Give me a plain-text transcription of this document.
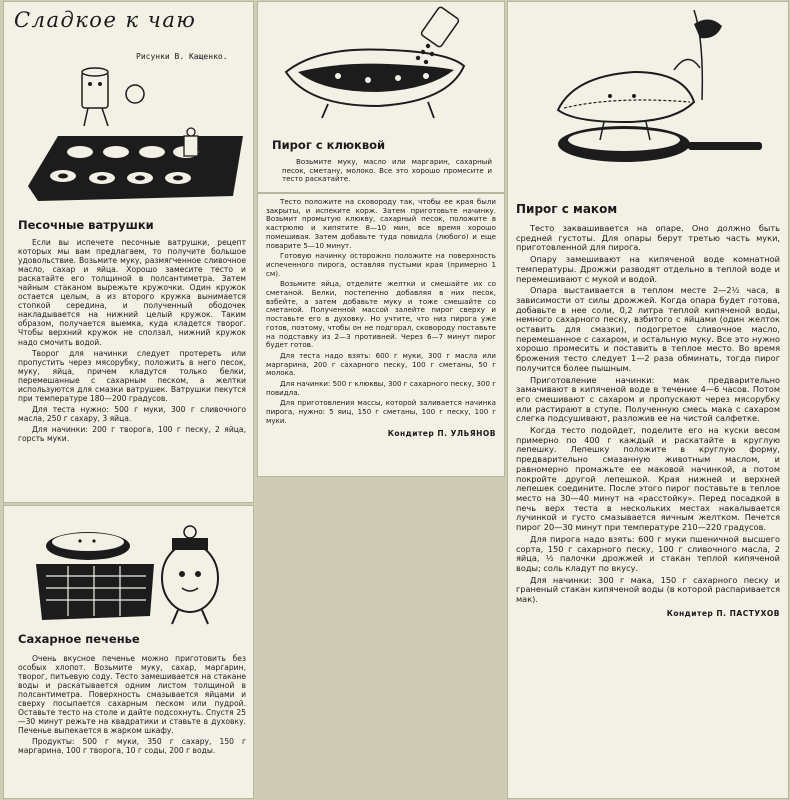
Сладкое к чаю
Рисунки В. Кащенко.
Песочные ватрушки

Если вы испечете песочные ватрушки, рецепт которых мы вам предлагаем, то получите большое удовольствие. Возьмите муку, размягченное сливочное масло, сахар и яйца. Хорошо замесите тесто и раскатайте его толщиной в полсантиметра. Затем чайным стаканом вырежьте кружочки. Один кружок остается целым, а из второго кружка вынимается стопкой середина, и полученный ободочек накладывается на нижний целый кружок. Таким образом, получается выемка, куда кладется творог. Чтобы верхний кружок не сползал, нижний кружок надо смочить водой.

Творог для начинки следует протереть или пропустить через мясорубку, положить в него песок, муку, яйца, причем кладутся только белки, перемешанные с сахарным песком, а желтки используются для смазки ватрушек. Ватрушки пекутся при температуре 180—200 градусов.

Для теста нужно: 500 г муки, 300 г сливочного масла, 250 г сахару, 3 яйца.

Для начинки: 200 г творога, 100 г песку, 2 яйца, горсть муки.

Сахарное печенье

Очень вкусное печенье можно приготовить без особых хлопот. Возьмите муку, сахар, маргарин, творог, питьевую соду. Тесто замешивается на стакане воды и раскатывается одним листом толщиной в полсантиметра. Поверхность смазывается яйцами и сверху посыпается сахарным песком или пудрой. Оставьте тесто на столе и дайте подсохнуть. Спустя 25—30 минут режьте на квадратики и ставьте в духовку. Печенье выпекается в жарком шкафу.

Продукты: 500 г муки, 350 г сахару, 150 г маргарина, 100 г творога, 10 г соды, 200 г воды.

Пирог с клюквой

Возьмите муку, масло или маргарин, сахарный песок, сметану, молоко. Все это хорошо промесите и тесто раскатайте.

Тесто положите на сковороду так, чтобы ее края были закрыты, и испеките корж. Затем приготовьте начинку. Возьмит промытую клюкву, сахарный песок, положите в кастрюлю и кипятите 8—10 мин, все время хорошо помешивая. Затем добавьте туда повидла (любого) и еще поварите 5—10 минут.

Готовую начинку осторожно положите на поверхность испеченного пирога, оставляя пустыми края (примерно 1 см).

Возьмите яйца, отделите желтки и смешайте их со сметаной. Белки, постепенно добавляя в них песок, взбейте, а затем добавьте муку и тоже смешайте со сметаной. Полученной массой залейте пирог сверху и поставьте его в духовку. Но учтите, что низ пирога уже готов, поэтому, чтобы он не подгорал, сковороду поставьте на подставку из 2—3 противней. Через 6—7 минут пирог будет готов.

Для теста надо взять: 600 г муки, 300 г масла или маргарина, 200 г сахарного песку, 100 г сметаны, 50 г молока.

Для начинки: 500 г клюквы, 300 г сахарного песку, 300 г повидла.

Для приготовления массы, которой заливается начинка пирога, нужно: 5 яиц, 150 г сметаны, 100 г песку, 100 г муки.

Кондитер П. УЛЬЯНОВ
Пирог с маком

Тесто заквашивается на опаре. Оно должно быть средней густоты. Для опары берут третью часть муки, приготовленной для пирога.

Опару замешивают на кипяченой воде комнатной температуры. Дрожжи разводят отдельно в теплой воде и перемешивают с мукой и водой.

Опара выстаивается в теплом месте 2—2½ часа, в зависимости от силы дрожжей. Когда опара будет готова, добавьте в нее соли, 0,2 литра теплой кипяченой воды, немного сахарного песку, взбитого с яйцами (один желток оставить для смазки), подогретое сливочное масло, перемешанное с сахаром, и остальную муку. Все это нужно хорошо промесить и поставить в теплое место. Во время брожения тесто следует 1—2 раза обминать, тогда пирог получится более пышным.

Приготовление начинки: мак предварительно замачивают в кипяченой воде в течение 4—6 часов. Потом его смешивают с сахаром и пропускают через мясорубку или растирают в ступе. Полученную смесь мака с сахаром слегка подсушивают, разложив ее на чистой салфетке.

Когда тесто подойдет, поделите его на куски весом примерно по 400 г каждый и раскатайте в круглую лепешку. Лепешку положите в круглую форму, предварительно смазанную животным маслом, и равномерно промажьте ее маковой начинкой, а потом покройте другой лепешкой. Края нижней и верхней лепешек соедините. После этого пирог поставьте в теплое место на 30—40 минут на «расстойку». Перед посадкой в печь верх теста в нескольких местах накалывается лучинкой и густо смазывается яичным желтком. Печется пирог 20—30 минут при температуре 210—220 градусов.

Для пирога надо взять: 600 г муки пшеничной высшего сорта, 150 г сахарного песку, 100 г сливочного масла, 2 яйца, ½ палочки дрожжей и стакан теплой кипяченой воды; соль кладут по вкусу.

Для начинки: 300 г мака, 150 г сахарного песку и граненый стакан кипяченой воды (в которой распаривается мак).

Кондитер П. ПАСТУХОВ
